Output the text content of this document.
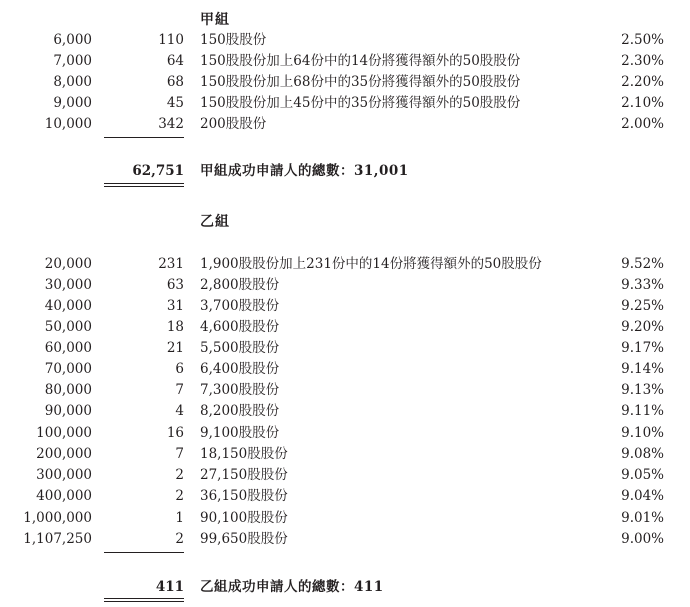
甲組
6,000	110 150股股份	2.50%
7,000	64 150股股份加上64份中的14份將獲得額外的50股股份	2.30%
8,000	68 150股股份加上68份中的35份將獲得額外的50股股份	2.20%
9,000	45 150股股份加上45份中的35份將獲得額外的50股股份	2.10%
10,000	342 200股股份	2.00%
62,751 甲組成功申請人的總數：31,001
乙組
20,000	231 1,900股股份加上231份中的14份將獲得額外的50股股份	9.52%
30,000	63 2,800股股份	9.33%
40,000	31 3,700股股份	9.25%
50,000	18 4,600股股份	9.20%
60,000	21 5,500股股份	9.17%
70,000	6 6,400股股份	9.14%
80,000	7 7,300股股份	9.13%
90,000	4 8,200股股份	9.11%
100,000	16 9,100股股份	9.10%
200,000	7 18,150股股份	9.08%
300,000	2 27,150股股份	9.05%
400,000	2 36,150股股份	9.04%
1,000,000	1 90,100股股份	9.01%
1,107,250	2 99,650股股份	9.00%
411 乙組成功申請人的總數：411
